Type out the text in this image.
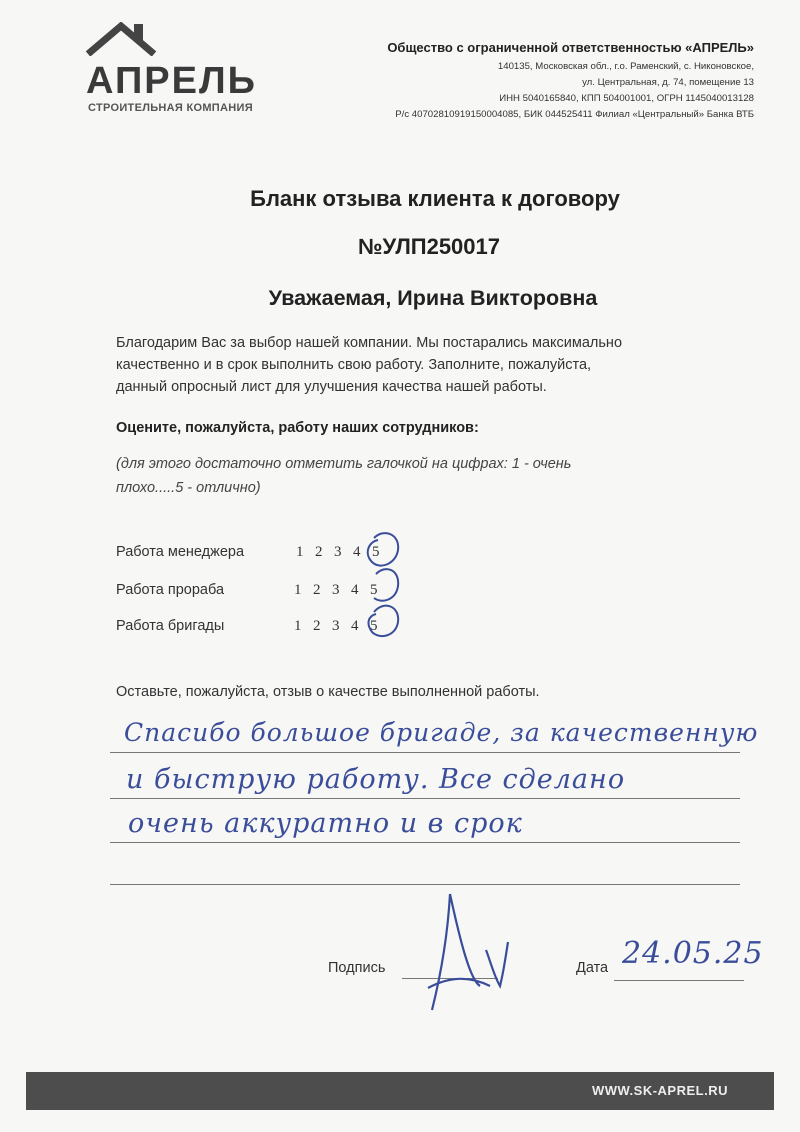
АПРЕЛЬ
СТРОИТЕЛЬНАЯ КОМПАНИЯ
Общество с ограниченной ответственностью «АПРЕЛЬ»
140135, Московская обл., г.о. Раменский, с. Никоновское,
ул. Центральная, д. 74, помещение 13
ИНН 5040165840, КПП 504001001, ОГРН 1145040013128
Р/с 40702810919150004085, БИК 044525411 Филиал «Центральный» Банка ВТБ
Бланк отзыва клиента к договору
№УЛП250017
Уважаемая, Ирина Викторовна
Благодарим Вас за выбор нашей компании. Мы постарались максимально
качественно и в срок выполнить свою работу. Заполните, пожалуйста,
данный опросный лист для улучшения качества нашей работы.
Оцените, пожалуйста, работу наших сотрудников:
(для этого достаточно отметить галочкой на цифрах: 1 - очень
плохо.....5 - отлично)
Работа менеджера	1 2 3 4 5
Работа прораба	1 2 3 4 5
Работа бригады	1 2 3 4 5
Оставьте, пожалуйста, отзыв о качестве выполненной работы.
Спасибо большое бригаде, за качественную
и быструю работу. Все сделано
очень аккуратно и в срок
Подпись	Дата 24.05.25
WWW.SK-APREL.RU
